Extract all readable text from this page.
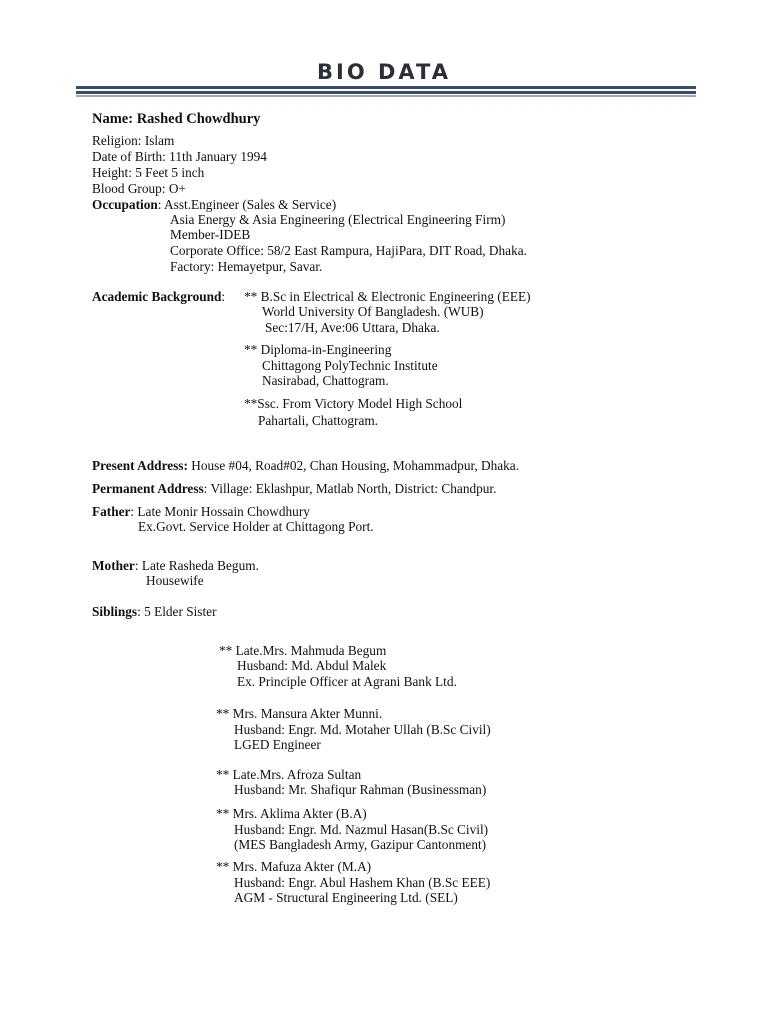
BIO DATA
Name: Rashed Chowdhury
Religion: Islam
Date of Birth: 11th January 1994
Height: 5 Feet 5 inch
Blood Group: O+
Occupation: Asst.Engineer (Sales & Service)
Asia Energy & Asia Engineering (Electrical Engineering Firm)
Member-IDEB
Corporate Office: 58/2 East Rampura, HajiPara, DIT Road, Dhaka.
Factory: Hemayetpur, Savar.
Academic Background: ** B.Sc in Electrical & Electronic Engineering (EEE)
World University Of Bangladesh. (WUB)
Sec:17/H, Ave:06 Uttara, Dhaka.
** Diploma-in-Engineering
Chittagong PolyTechnic Institute
Nasirabad, Chattogram.
**Ssc. From Victory Model High School
Pahartali, Chattogram.
Present Address: House #04, Road#02, Chan Housing, Mohammadpur, Dhaka.
Permanent Address: Village: Eklashpur, Matlab North, District: Chandpur.
Father: Late Monir Hossain Chowdhury
Ex.Govt. Service Holder at Chittagong Port.
Mother: Late Rasheda Begum.
Housewife
Siblings: 5 Elder Sister
** Late.Mrs. Mahmuda Begum
Husband: Md. Abdul Malek
Ex. Principle Officer at Agrani Bank Ltd.
** Mrs. Mansura Akter Munni.
Husband: Engr. Md. Motaher Ullah (B.Sc Civil)
LGED Engineer
** Late.Mrs. Afroza Sultan
Husband: Mr. Shafiqur Rahman (Businessman)
** Mrs. Aklima Akter (B.A)
Husband: Engr. Md. Nazmul Hasan(B.Sc Civil)
(MES Bangladesh Army, Gazipur Cantonment)
** Mrs. Mafuza Akter (M.A)
Husband: Engr. Abul Hashem Khan (B.Sc EEE)
AGM - Structural Engineering Ltd. (SEL)
